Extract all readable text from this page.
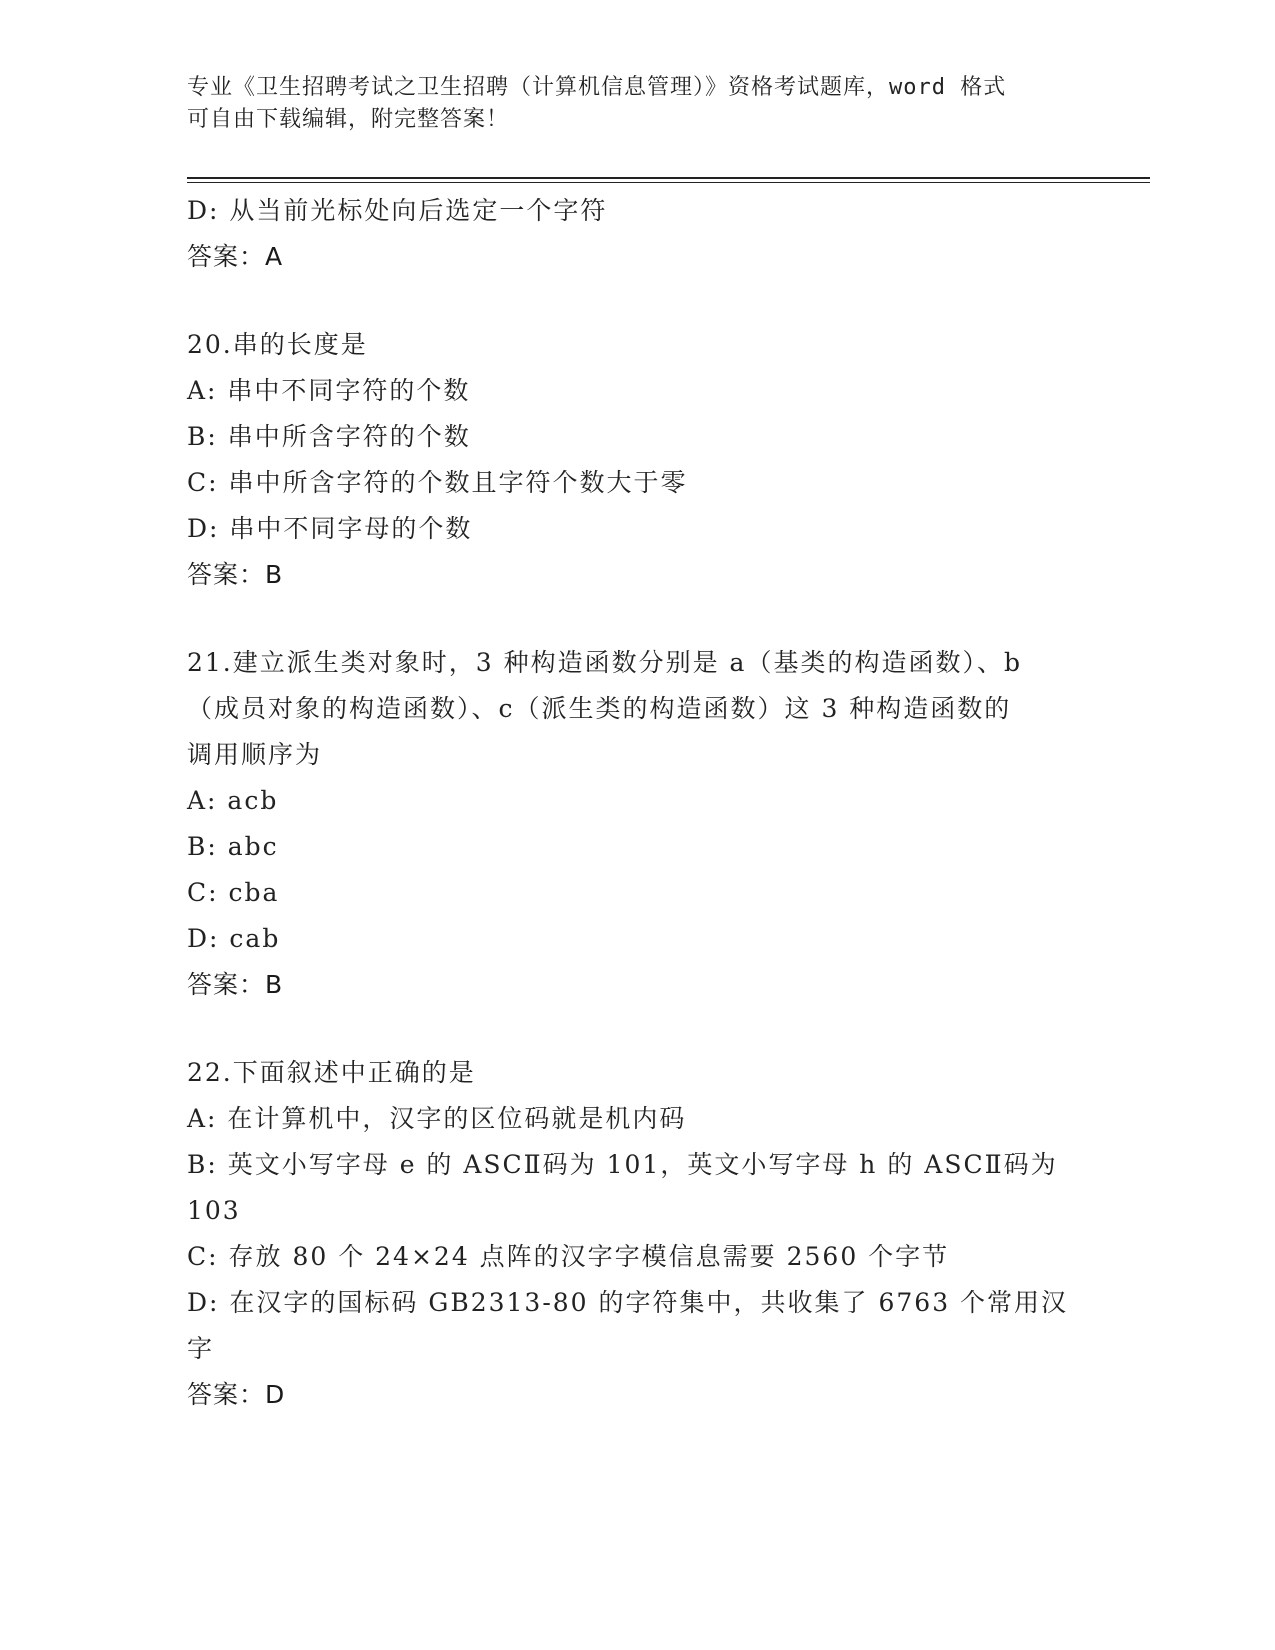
专业《卫生招聘考试之卫生招聘（计算机信息管理）》资格考试题库，word 格式
可自由下载编辑，附完整答案！
D: 从当前光标处向后选定一个字符
答案：A
20.串的长度是
A: 串中不同字符的个数
B: 串中所含字符的个数
C: 串中所含字符的个数且字符个数大于零
D: 串中不同字母的个数
答案：B
21.建立派生类对象时，3 种构造函数分别是 a（基类的构造函数）、b
（成员对象的构造函数）、c（派生类的构造函数）这 3 种构造函数的
调用顺序为
A: acb
B: abc
C: cba
D: cab
答案：B
22.下面叙述中正确的是
A: 在计算机中，汉字的区位码就是机内码
B: 英文小写字母 e 的 ASCⅡ码为 101，英文小写字母 h 的 ASCⅡ码为
103
C: 存放 80 个 24×24 点阵的汉字字模信息需要 2560 个字节
D: 在汉字的国标码 GB2313-80 的字符集中，共收集了 6763 个常用汉
字
答案：D
